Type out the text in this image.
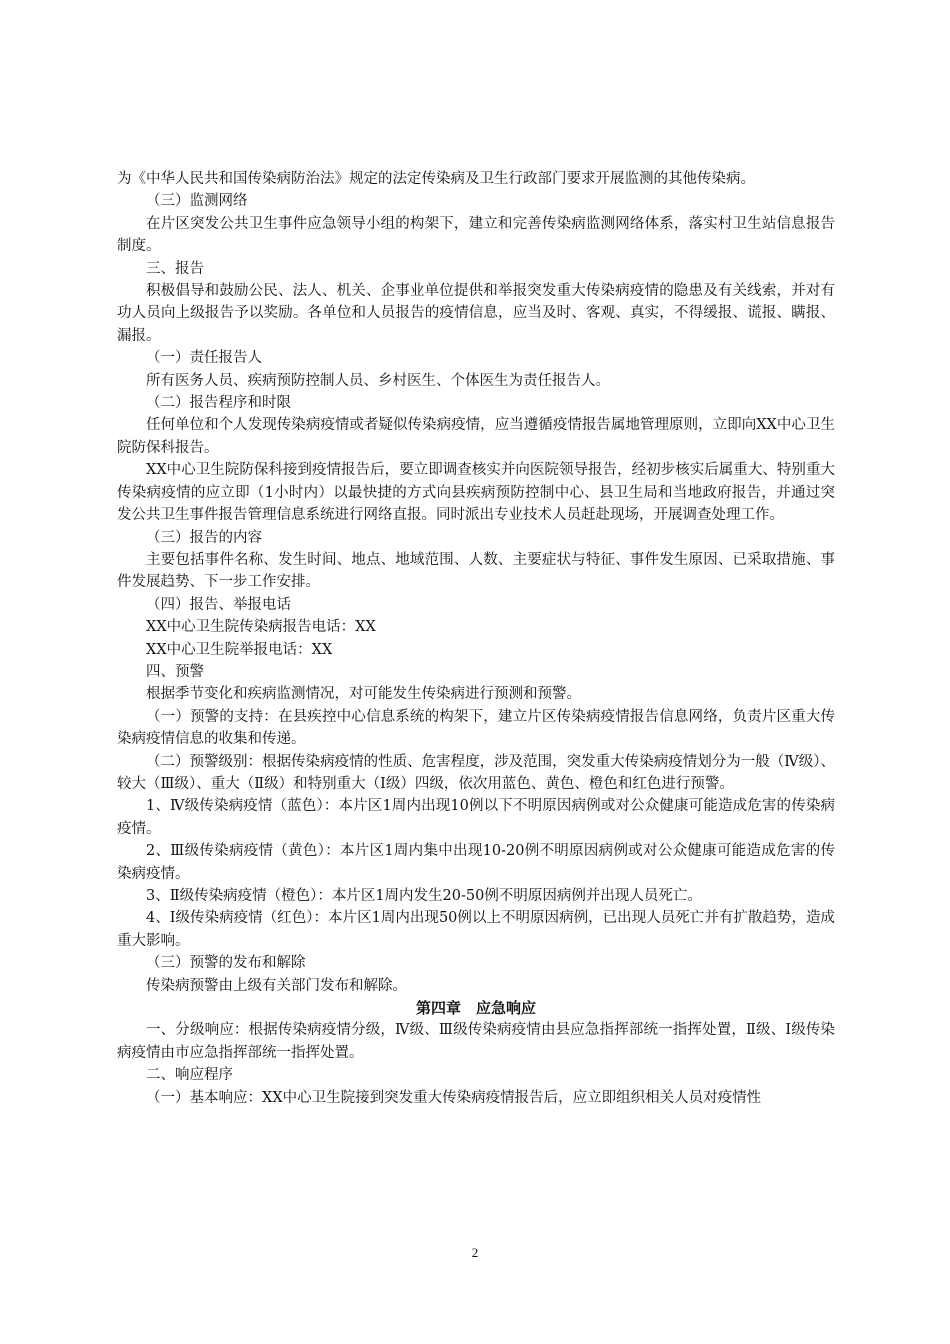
为《中华人民共和国传染病防治法》规定的法定传染病及卫生行政部门要求开展监测的其他传染病。

（三）监测网络

在片区突发公共卫生事件应急领导小组的构架下，建立和完善传染病监测网络体系，落实村卫生站信息报告制度。

三、报告

积极倡导和鼓励公民、法人、机关、企事业单位提供和举报突发重大传染病疫情的隐患及有关线索，并对有功人员向上级报告予以奖励。各单位和人员报告的疫情信息，应当及时、客观、真实，不得缓报、谎报、瞒报、漏报。

（一）责任报告人

所有医务人员、疾病预防控制人员、乡村医生、个体医生为责任报告人。

（二）报告程序和时限

任何单位和个人发现传染病疫情或者疑似传染病疫情，应当遵循疫情报告属地管理原则，立即向XX中心卫生院防保科报告。

XX中心卫生院防保科接到疫情报告后，要立即调查核实并向医院领导报告，经初步核实后属重大、特别重大传染病疫情的应立即（1小时内）以最快捷的方式向县疾病预防控制中心、县卫生局和当地政府报告，并通过突发公共卫生事件报告管理信息系统进行网络直报。同时派出专业技术人员赶赴现场，开展调查处理工作。

（三）报告的内容

主要包括事件名称、发生时间、地点、地域范围、人数、主要症状与特征、事件发生原因、已采取措施、事件发展趋势、下一步工作安排。

（四）报告、举报电话

XX中心卫生院传染病报告电话：XX

XX中心卫生院举报电话：XX

四、预警

根据季节变化和疾病监测情况，对可能发生传染病进行预测和预警。

（一）预警的支持：在县疾控中心信息系统的构架下，建立片区传染病疫情报告信息网络，负责片区重大传染病疫情信息的收集和传递。

（二）预警级别：根据传染病疫情的性质、危害程度，涉及范围，突发重大传染病疫情划分为一般（Ⅳ级）、较大（Ⅲ级）、重大（Ⅱ级）和特别重大（Ⅰ级）四级，依次用蓝色、黄色、橙色和红色进行预警。

1、Ⅳ级传染病疫情（蓝色）：本片区1周内出现10例以下不明原因病例或对公众健康可能造成危害的传染病疫情。

2、Ⅲ级传染病疫情（黄色）：本片区1周内集中出现10-20例不明原因病例或对公众健康可能造成危害的传染病疫情。

3、Ⅱ级传染病疫情（橙色）：本片区1周内发生20-50例不明原因病例并出现人员死亡。

4、Ⅰ级传染病疫情（红色）：本片区1周内出现50例以上不明原因病例，已出现人员死亡并有扩散趋势，造成重大影响。

（三）预警的发布和解除

传染病预警由上级有关部门发布和解除。

第四章　应急响应

一、分级响应：根据传染病疫情分级，Ⅳ级、Ⅲ级传染病疫情由县应急指挥部统一指挥处置，Ⅱ级、Ⅰ级传染病疫情由市应急指挥部统一指挥处置。

二、响应程序

（一）基本响应：XX中心卫生院接到突发重大传染病疫情报告后，应立即组织相关人员对疫情性

2
